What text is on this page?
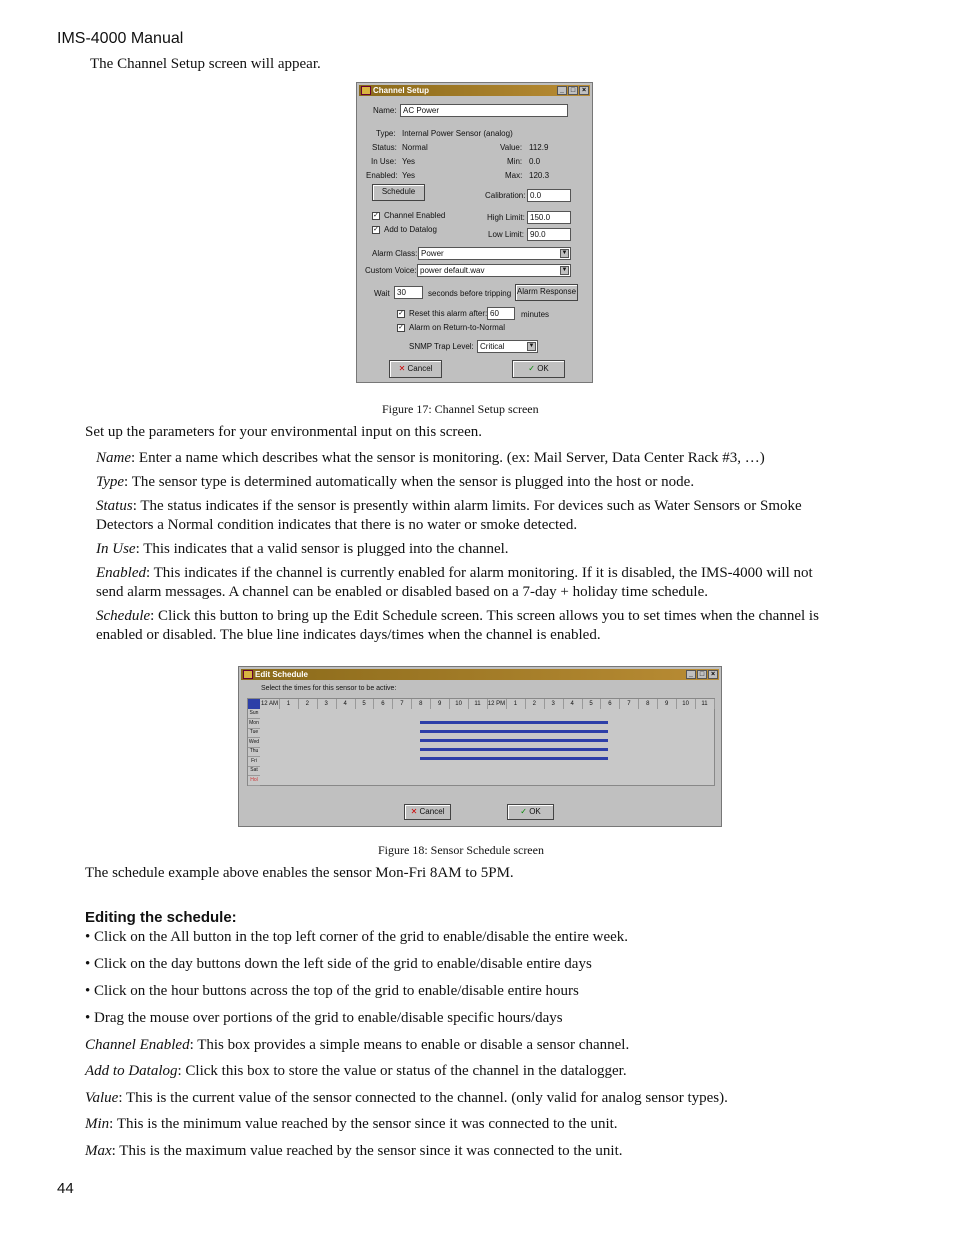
IMS-4000 Manual
The Channel Setup screen will appear.
Channel Setup	_ □ ×
Name: AC Power
Type: Internal Power Sensor (analog)
Status: Normal
In Use: Yes
Enabled: Yes
Value: 112.9
Min: 0.0
Max: 120.3
Schedule	Calibration: 0.0
✓ Channel Enabled
✓ Add to Datalog
High Limit: 150.0
Low Limit: 90.0
Alarm Class: Power	▼
Custom Voice: power default.wav	▼
Wait 30	seconds before tripping Alarm Response
✓ Reset this alarm after: 60	minutes
✓ Alarm on Return-to-Normal
SNMP Trap Level: Critical	▼
✕ Cancel	✓ OK
Figure 17: Channel Setup screen
Set up the parameters for your environmental input on this screen.
Name: Enter a name which describes what the sensor is monitoring. (ex: Mail Server, Data Center Rack #3, …)
Type: The sensor type is determined automatically when the sensor is plugged into the host or node.
Status: The status indicates if the sensor is presently within alarm limits. For devices such as Water Sensors or Smoke
Detectors a Normal condition indicates that there is no water or smoke detected.
In Use: This indicates that a valid sensor is plugged into the channel.
Enabled: This indicates if the channel is currently enabled for alarm monitoring. If it is disabled, the IMS-4000 will not
send alarm messages. A channel can be enabled or disabled based on a 7-day + holiday time schedule.
Schedule: Click this button to bring up the Edit Schedule screen. This screen allows you to set times when the channel is
enabled or disabled. The blue line indicates days/times when the channel is enabled.
Edit Schedule	_ □ ×
Select the times for this sensor to be active:
12 AM	1	2	3	4	5	6	7	8	9	10	11	12 PM	1	2	3	4	5	6	7	8	9	10	11
Sun
Mon
Tue
Wed
Thu
Fri
Sat
Hol
✕ Cancel	✓ OK
Figure 18: Sensor Schedule screen
The schedule example above enables the sensor Mon-Fri 8AM to 5PM.
Editing the schedule:
• Click on the All button in the top left corner of the grid to enable/disable the entire week.
• Click on the day buttons down the left side of the grid to enable/disable entire days
• Click on the hour buttons across the top of the grid to enable/disable entire hours
• Drag the mouse over portions of the grid to enable/disable specific hours/days
Channel Enabled: This box provides a simple means to enable or disable a sensor channel.
Add to Datalog: Click this box to store the value or status of the channel in the datalogger.
Value: This is the current value of the sensor connected to the channel. (only valid for analog sensor types).
Min: This is the minimum value reached by the sensor since it was connected to the unit.
Max: This is the maximum value reached by the sensor since it was connected to the unit.
44
